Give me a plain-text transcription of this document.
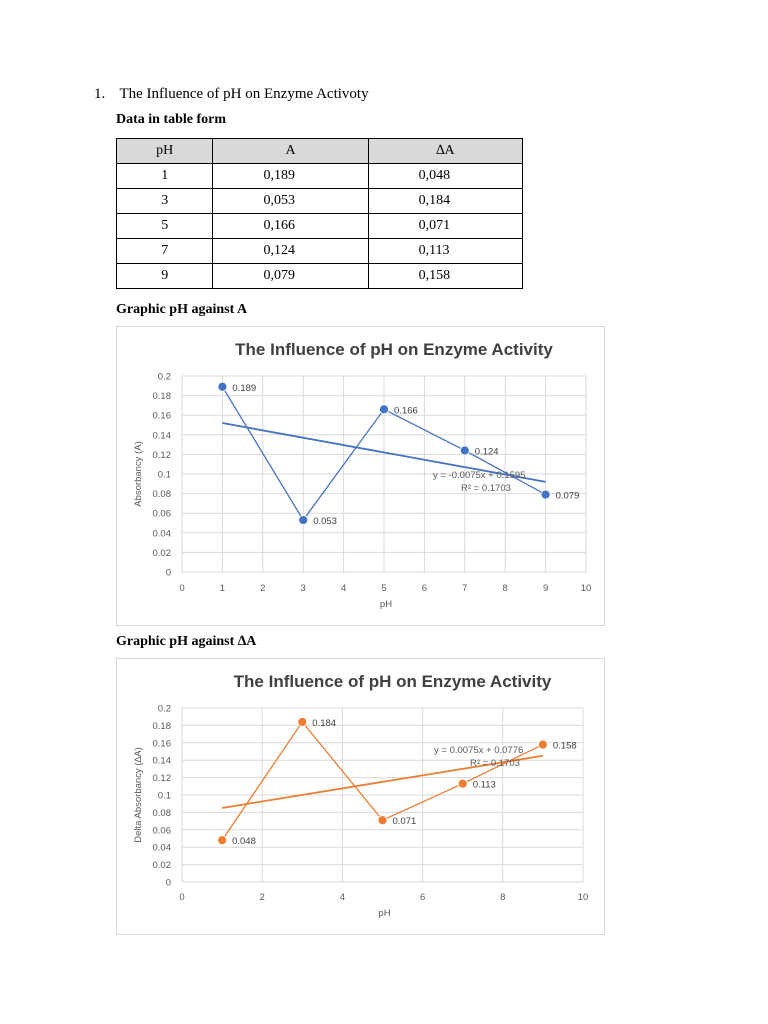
1. The Influence of pH on Enzyme Activoty
Data in table form
pH	A	∆A
1	0,189	0,048
3	0,053	0,184
5	0,166	0,071
7	0,124	0,113
9	0,079	0,158
Graphic pH against A
The Influence of pH on Enzyme Activity
0
0.02
0.04
0.06
0.08
0.1
0.12
0.14
0.16
0.18
0.2
0	1	2	3	4	5	6	7	8	9	10
pH
Absorbancy (A)
0.189
0.053
0.166
0.124
0.079
y = -0.0075x + 0.1595
R² = 0.1703
Graphic pH against ∆A
The Influence of pH on Enzyme Activity
0
0.02
0.04
0.06
0.08
0.1
0.12
0.14
0.16
0.18
0.2
0	2	4	6	8	10
pH
Delta Absorbancy (∆A)	0.048
0.184
0.071
0.113
0.158
y = 0.0075x + 0.0776
R² = 0.1703
